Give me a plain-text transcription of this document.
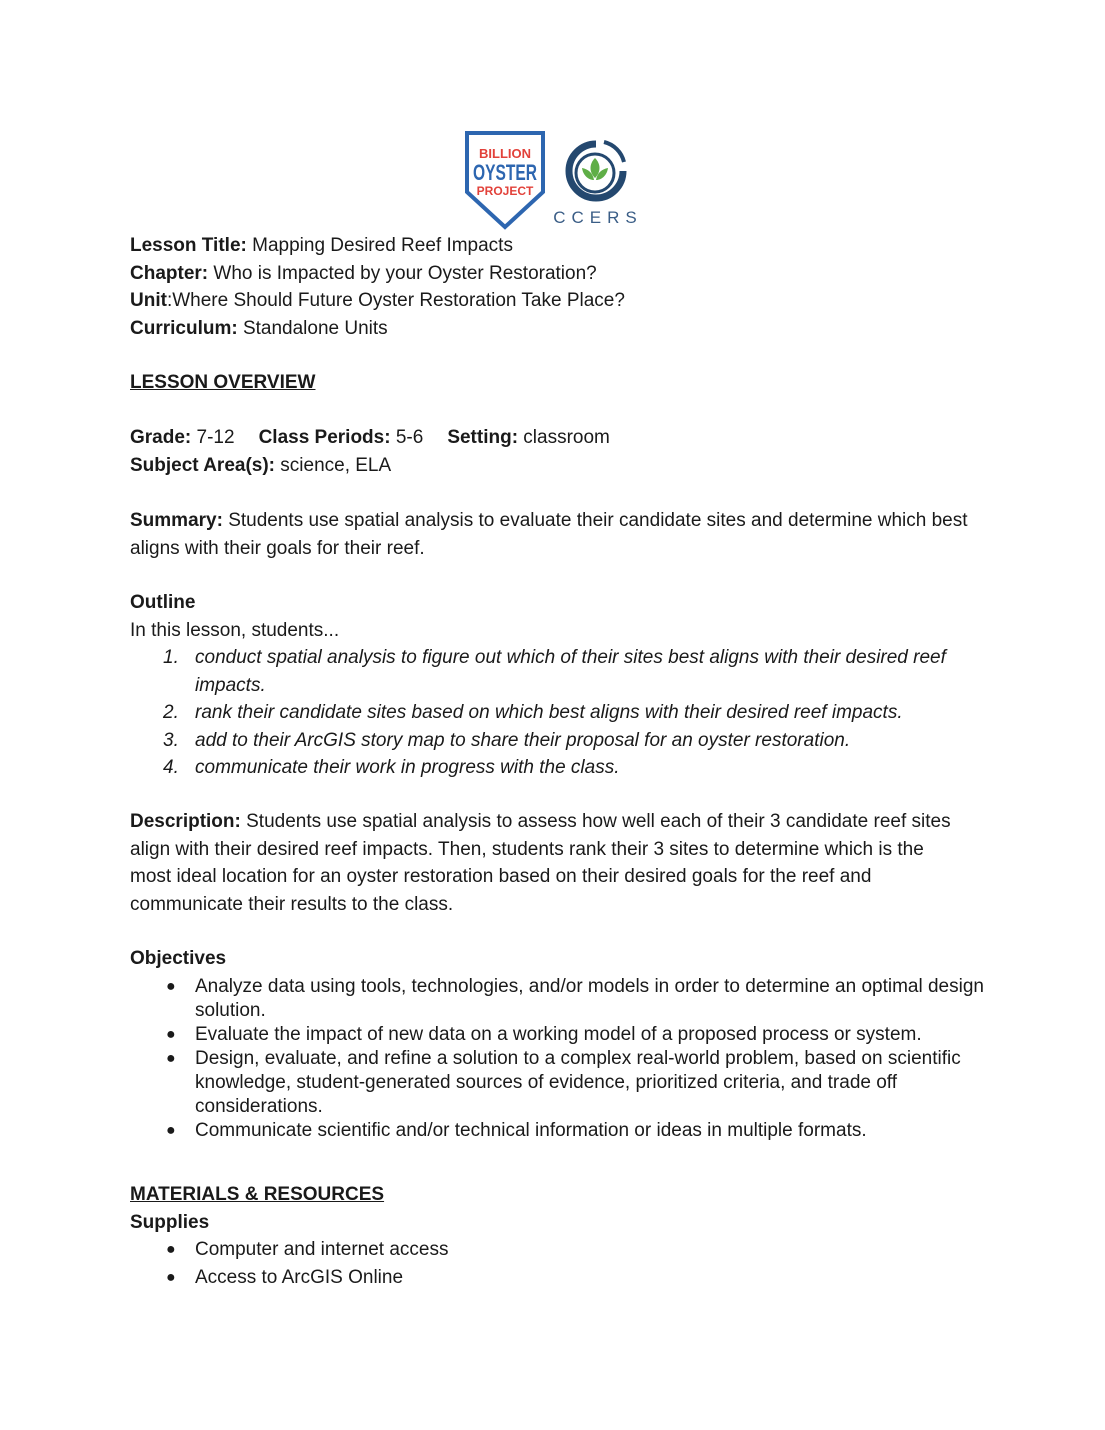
BILLION
OYSTER
PROJECT
CCERS

Lesson Title: Mapping Desired Reef Impacts

Chapter: Who is Impacted by your Oyster Restoration?

Unit:Where Should Future Oyster Restoration Take Place?

Curriculum: Standalone Units

LESSON OVERVIEW

Grade: 7-12 Class Periods: 5-6 Setting: classroom

Subject Area(s): science, ELA

Summary: Students use spatial analysis to evaluate their candidate sites and determine which best aligns with their goals for their reef.

Outline

In this lesson, students...

1. conduct spatial analysis to figure out which of their sites best aligns with their desired reef impacts.
2. rank their candidate sites based on which best aligns with their desired reef impacts.
3. add to their ArcGIS story map to share their proposal for an oyster restoration.
4. communicate their work in progress with the class.

Description: Students use spatial analysis to assess how well each of their 3 candidate reef sites align with their desired reef impacts. Then, students rank their 3 sites to determine which is the most ideal location for an oyster restoration based on their desired goals for the reef and communicate their results to the class.

Objectives

● Analyze data using tools, technologies, and/or models in order to determine an optimal design solution.
● Evaluate the impact of new data on a working model of a proposed process or system.
● Design, evaluate, and refine a solution to a complex real-world problem, based on scientific knowledge, student-generated sources of evidence, prioritized criteria, and trade off considerations.
● Communicate scientific and/or technical information or ideas in multiple formats.

MATERIALS & RESOURCES

Supplies

● Computer and internet access
● Access to ArcGIS Online
